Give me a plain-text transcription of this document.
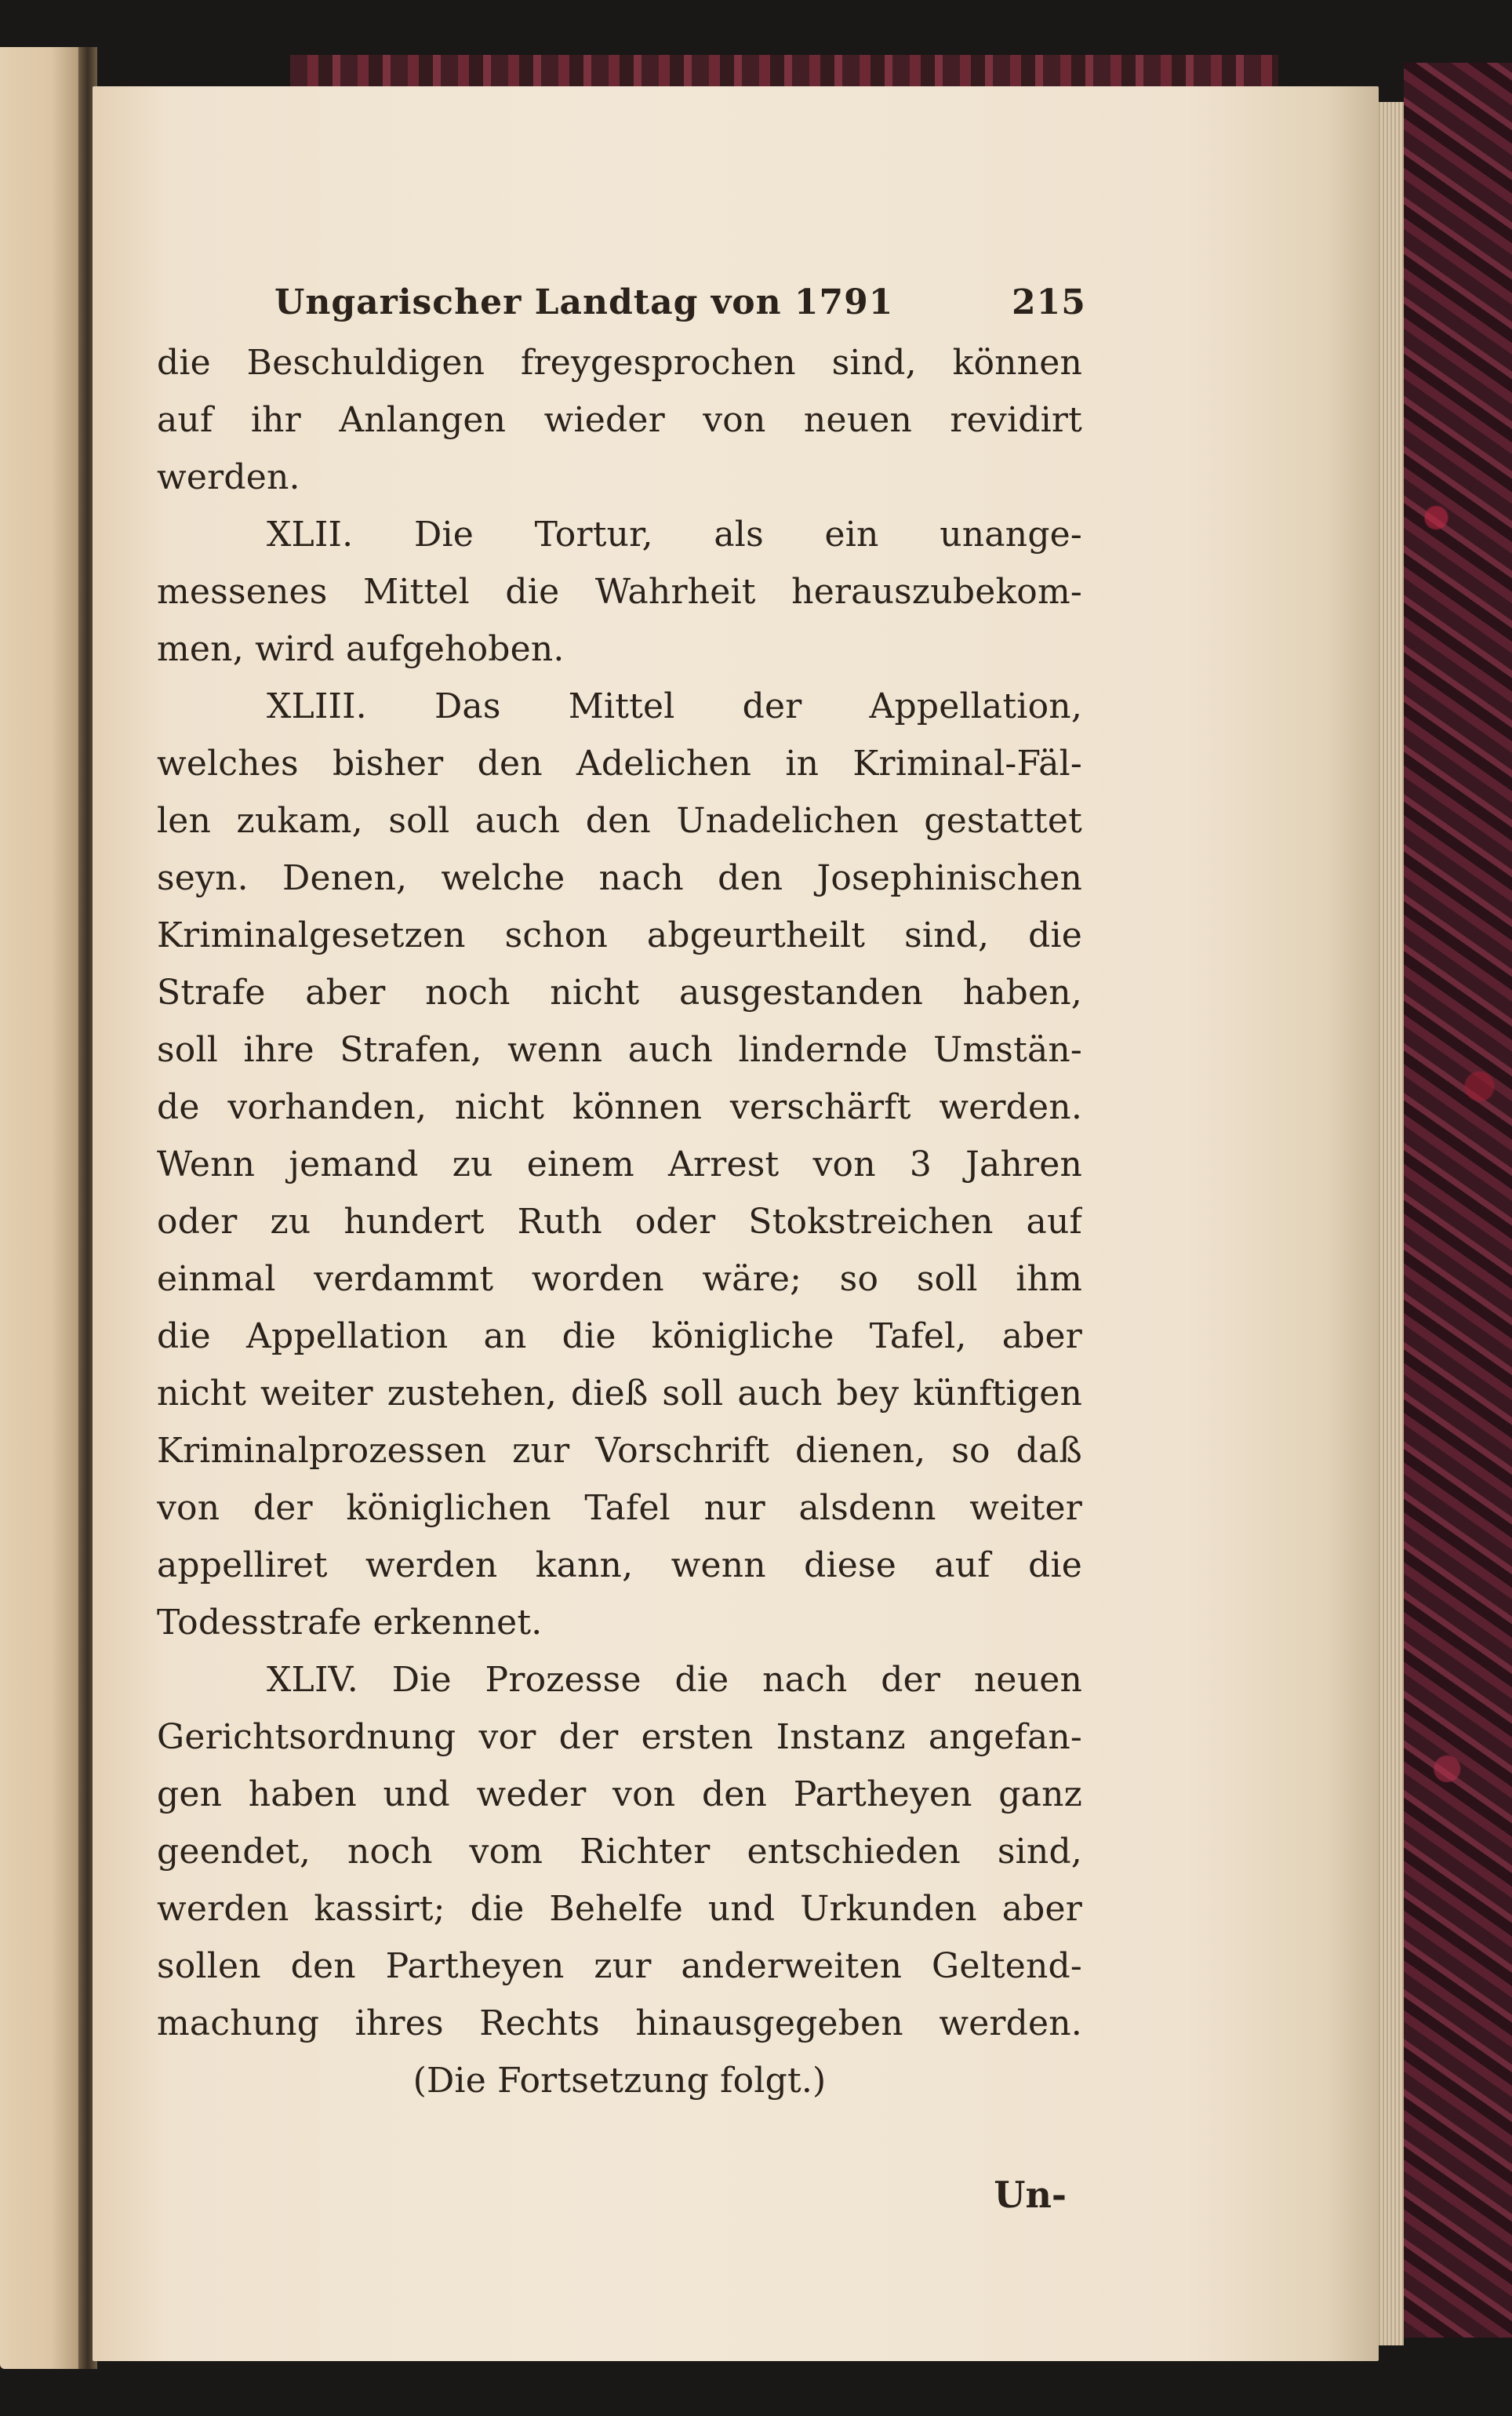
Ungarischer Landtag von 1791	215
die Beschuldigen freygesprochen sind, können
auf ihr Anlangen wieder von neuen revidirt
werden.
XLII. Die Tortur, als ein unange-
messenes Mittel die Wahrheit herauszubekom-
men, wird aufgehoben.
XLIII. Das Mittel der Appellation,
welches bisher den Adelichen in Kriminal-Fäl-
len zukam, soll auch den Unadelichen gestattet
seyn. Denen, welche nach den Josephinischen
Kriminalgesetzen schon abgeurtheilt sind, die
Strafe aber noch nicht ausgestanden haben,
soll ihre Strafen, wenn auch lindernde Umstän-
de vorhanden, nicht können verschärft werden.
Wenn jemand zu einem Arrest von 3 Jahren
oder zu hundert Ruth oder Stokstreichen auf
einmal verdammt worden wäre; so soll ihm
die Appellation an die königliche Tafel, aber
nicht weiter zustehen, dieß soll auch bey künftigen
Kriminalprozessen zur Vorschrift dienen, so daß
von der königlichen Tafel nur alsdenn weiter
appelliret werden kann, wenn diese auf die
Todesstrafe erkennet.
XLIV. Die Prozesse die nach der neuen
Gerichtsordnung vor der ersten Instanz angefan-
gen haben und weder von den Partheyen ganz
geendet, noch vom Richter entschieden sind,
werden kassirt; die Behelfe und Urkunden aber
sollen den Partheyen zur anderweiten Geltend-
machung ihres Rechts hinausgegeben werden.
(Die Fortsetzung folgt.)
Un-
